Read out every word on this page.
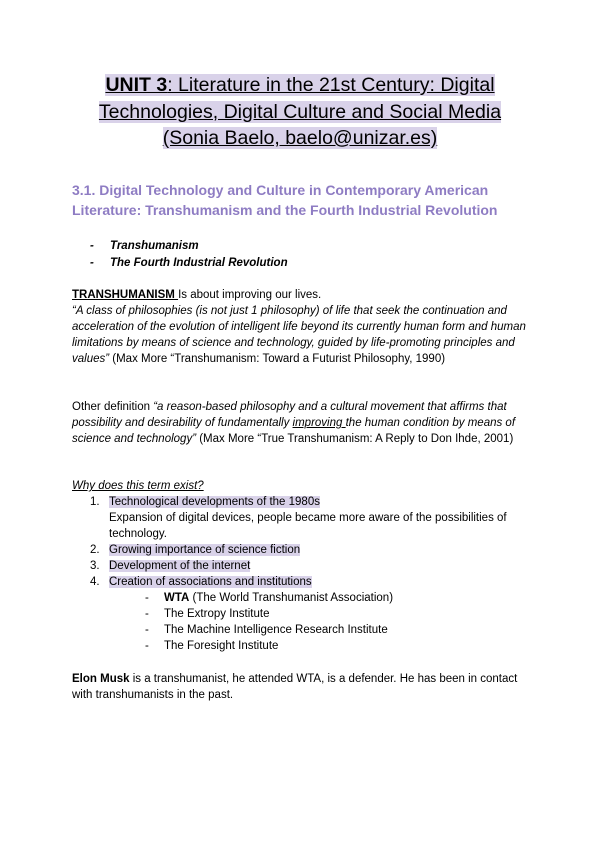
UNIT 3: Literature in the 21st Century: Digital
Technologies, Digital Culture and Social Media
(Sonia Baelo, baelo@unizar.es)
3.1. Digital Technology and Culture in Contemporary American Literature: Transhumanism and the Fourth Industrial Revolution
- Transhumanism
- The Fourth Industrial Revolution
TRANSHUMANISM Is about improving our lives.
“A class of philosophies (is not just 1 philosophy) of life that seek the continuation and acceleration of the evolution of intelligent life beyond its currently human form and human limitations by means of science and technology, guided by life-promoting principles and values” (Max More “Transhumanism: Toward a Futurist Philosophy, 1990)
Other definition “a reason-based philosophy and a cultural movement that affirms that possibility and desirability of fundamentally improving the human condition by means of science and technology” (Max More “True Transhumanism: A Reply to Don Ihde, 2001)
Why does this term exist?
1. Technological developments of the 1980s
Expansion of digital devices, people became more aware of the possibilities of technology.
2. Growing importance of science fiction
3. Development of the internet
4. Creation of associations and institutions
- WTA (The World Transhumanist Association)
- The Extropy Institute
- The Machine Intelligence Research Institute
- The Foresight Institute
Elon Musk is a transhumanist, he attended WTA, is a defender. He has been in contact with transhumanists in the past.
